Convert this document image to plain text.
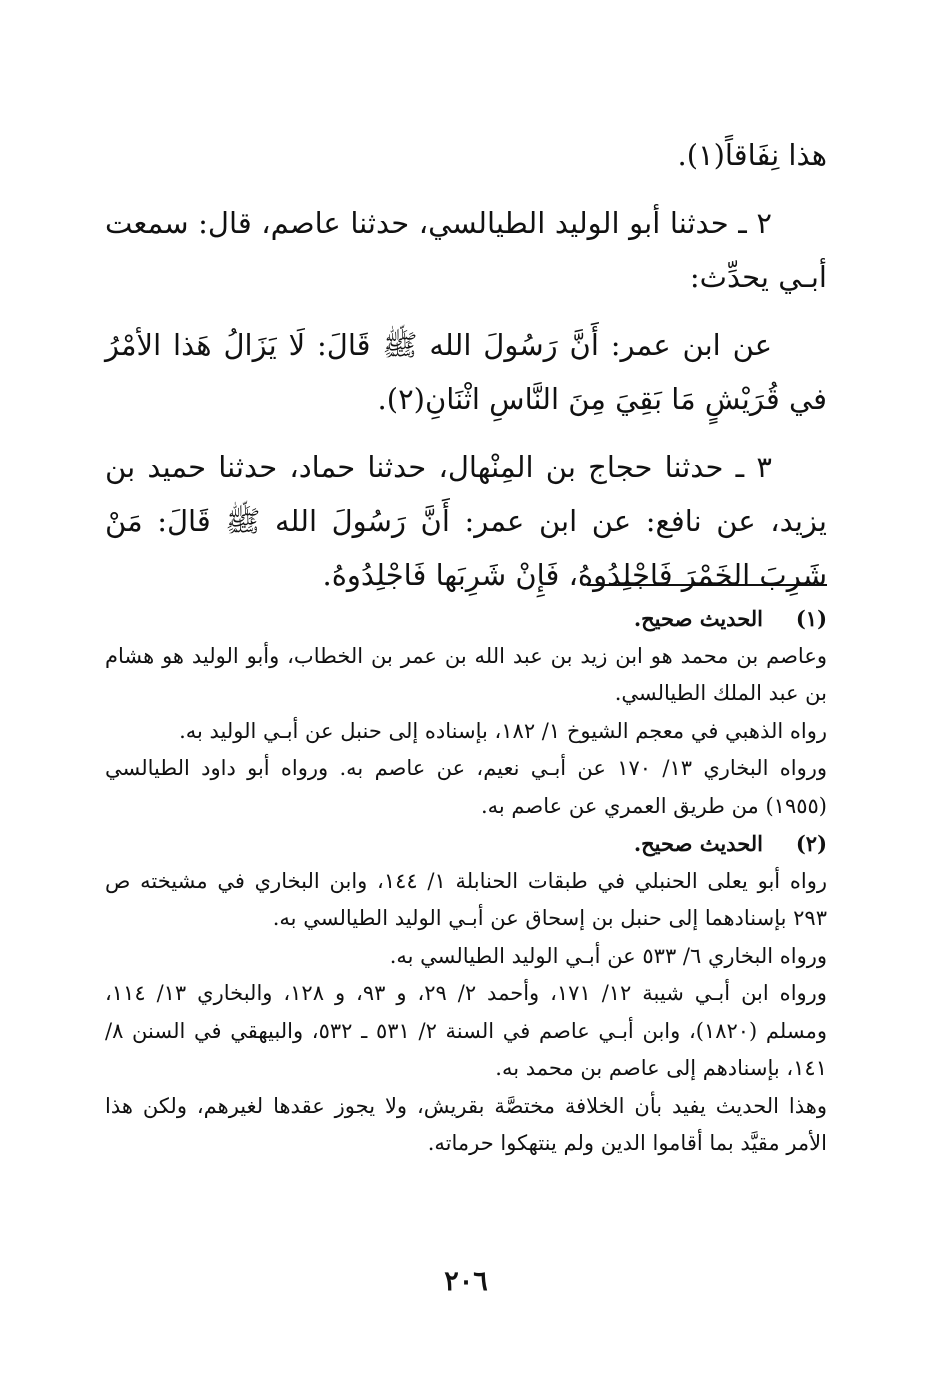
هذا نِفَاقاً(١).

٢ ـ حدثنا أبو الوليد الطيالسي، حدثنا عاصم، قال: سمعت أبـي يحدِّث:

عن ابن عمر: أَنَّ رَسُولَ الله ﷺ قَالَ: لَا يَزَالُ هَذا الأمْرُ في قُرَيْشٍ مَا بَقِيَ مِنَ النَّاسِ اثْنَانِ(٢).

٣ ـ حدثنا حجاج بن المِنْهال، حدثنا حماد، حدثنا حميد بن يزيد، عن نافع: عن ابن عمر: أَنَّ رَسُولَ الله ﷺ قَالَ: مَنْ شَرِبَ الخَمْرَ فَاجْلِدُوهُ، فَإِنْ شَرِبَها فَاجْلِدُوهُ.

(١)الحديث صحيح.

وعاصم بن محمد هو ابن زيد بن عبد الله بن عمر بن الخطاب، وأبو الوليد هو هشام بن عبد الملك الطيالسي.

رواه الذهبي في معجم الشيوخ ١/ ١٨٢، بإسناده إلى حنبل عن أبـي الوليد به.

ورواه البخاري ١٣/ ١٧٠ عن أبـي نعيم، عن عاصم به. ورواه أبو داود الطيالسي (١٩٥٥) من طريق العمري عن عاصم به.

(٢)الحديث صحيح.

رواه أبو يعلى الحنبلي في طبقات الحنابلة ١/ ١٤٤، وابن البخاري في مشيخته ص ٢٩٣ بإسنادهما إلى حنبل بن إسحاق عن أبـي الوليد الطيالسي به.

ورواه البخاري ٦/ ٥٣٣ عن أبـي الوليد الطيالسي به.

ورواه ابن أبـي شيبة ١٢/ ١٧١، وأحمد ٢/ ٢٩، و ٩٣، و ١٢٨، والبخاري ١٣/ ١١٤، ومسلم (١٨٢٠)، وابن أبـي عاصم في السنة ٢/ ٥٣١ ـ ٥٣٢، والبيهقي في السنن ٨/ ١٤١، بإسنادهم إلى عاصم بن محمد به.

وهذا الحديث يفيد بأن الخلافة مختصَّة بقريش، ولا يجوز عقدها لغيرهم، ولكن هذا الأمر مقيَّد بما أقاموا الدين ولم ينتهكوا حرماته.

٢٠٦
